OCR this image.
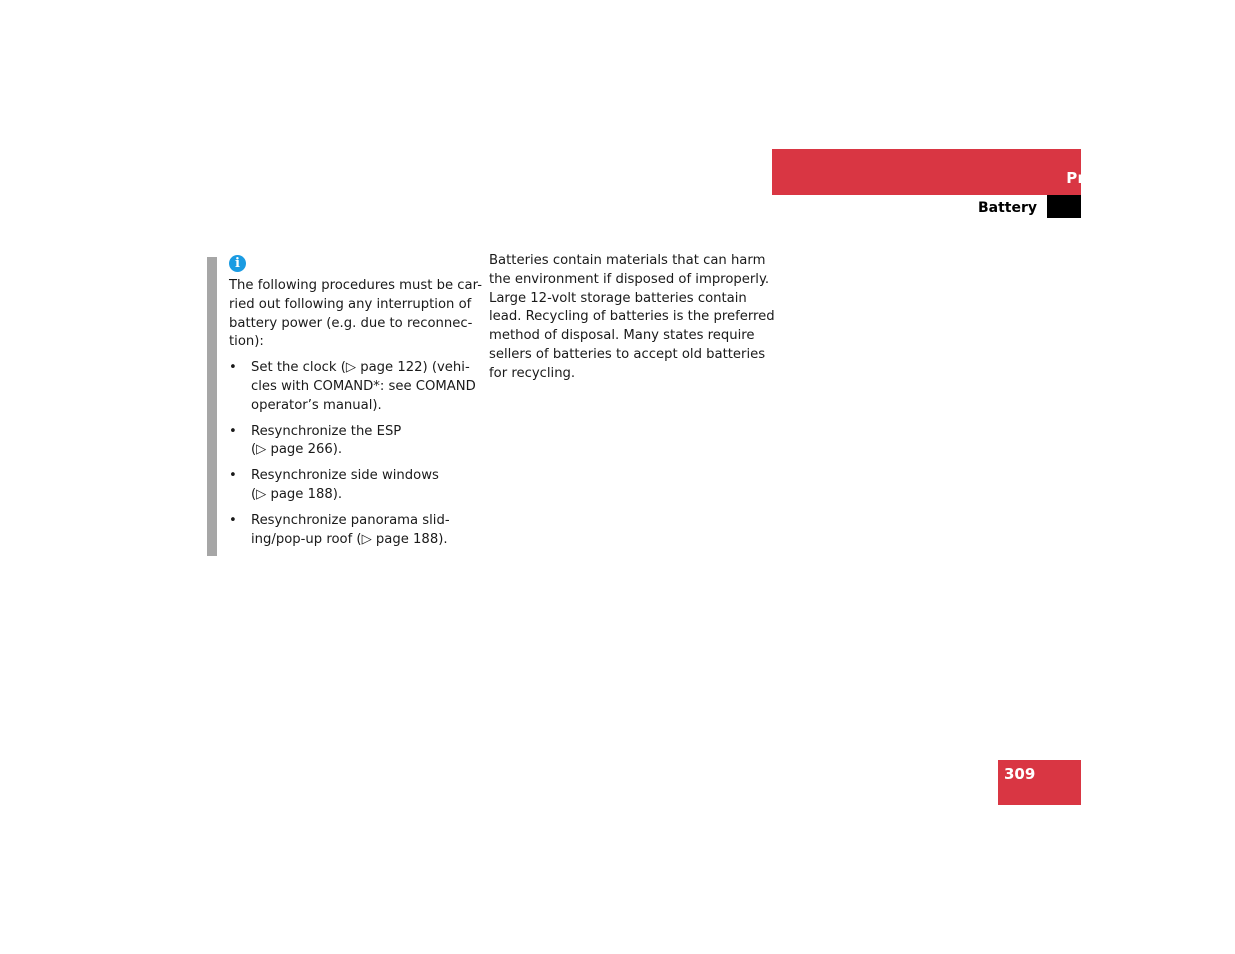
Practical hints
Battery
i

The following procedures must be car-
ried out following any interruption of
battery power (e.g. due to reconnec-
tion):

• Set the clock (▷ page 122) (vehi-
cles with COMAND*: see COMAND
operator’s manual).
• Resynchronize the ESP
(▷ page 266).
• Resynchronize side windows
(▷ page 188).
• Resynchronize panorama slid-
ing/pop-up roof (▷ page 188).

Batteries contain materials that can harm
the environment if disposed of improperly.
Large 12-volt storage batteries contain
lead. Recycling of batteries is the preferred
method of disposal. Many states require
sellers of batteries to accept old batteries
for recycling.

309
